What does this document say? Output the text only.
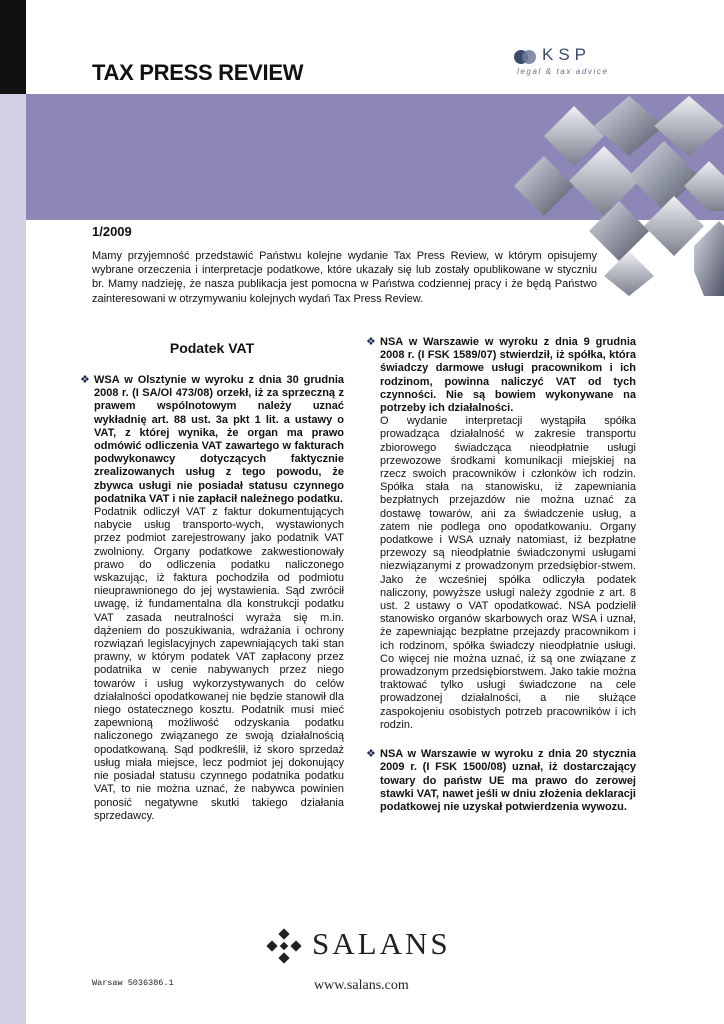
TAX PRESS REVIEW
KSP
legal & tax advice
1/2009
Mamy przyjemność przedstawić Państwu kolejne wydanie Tax Press Review, w którym opisujemy wybrane orzeczenia i interpretacje podatkowe, które ukazały się lub zostały opublikowane w styczniu br. Mamy nadzieję, że nasza publikacja jest pomocna w Państwa codziennej pracy i że będą Państwo zainteresowani w otrzymywaniu kolejnych wydań Tax Press Review.
Podatek VAT
❖ WSA w Olsztynie w wyroku z dnia 30 grudnia 2008 r. (I SA/Ol 473/08) orzekł, iż za sprzeczną z prawem wspólnotowym należy uznać wykładnię art. 88 ust. 3a pkt 1 lit. a ustawy o VAT, z której wynika, że organ ma prawo odmówić odliczenia VAT zawartego w fakturach podwykonawcy dotyczących faktycznie zrealizowanych usług z tego powodu, że zbywca usługi nie posiadał statusu czynnego podatnika VAT i nie zapłacił należnego podatku.
Podatnik odliczył VAT z faktur dokumentujących nabycie usług transporto-wych, wystawionych przez podmiot zarejestrowany jako podatnik VAT zwolniony. Organy podatkowe zakwestionowały prawo do odliczenia podatku naliczonego wskazując, iż faktura pochodziła od podmiotu nieuprawnionego do jej wystawienia. Sąd zwrócił uwagę, iż fundamentalna dla konstrukcji podatku VAT zasada neutralności wyraża się m.in. dążeniem do poszukiwania, wdrażania i ochrony rozwiązań legislacyjnych zapewniających taki stan prawny, w którym podatek VAT zapłacony przez podatnika w cenie nabywanych przez niego towarów i usług wykorzystywanych do celów działalności opodatkowanej nie będzie stanowił dla niego ostatecznego kosztu. Podatnik musi mieć zapewnioną możliwość odzyskania podatku naliczonego związanego ze swoją działalnością opodatkowaną. Sąd podkreślił, iż skoro sprzedaż usług miała miejsce, lecz podmiot jej dokonujący nie posiadał statusu czynnego podatnika podatku VAT, to nie można uznać, że nabywca powinien ponosić negatywne skutki takiego działania sprzedawcy.
❖ NSA w Warszawie w wyroku z dnia 9 grudnia 2008 r. (I FSK 1589/07) stwierdził, iż spółka, która świadczy darmowe usługi pracownikom i ich rodzinom, powinna naliczyć VAT od tych czynności. Nie są bowiem wykonywane na potrzeby ich działalności.
O wydanie interpretacji wystąpiła spółka prowadząca działalność w zakresie transportu zbiorowego świadcząca nieodpłatnie usługi przewozowe środkami komunikacji miejskiej na rzecz swoich pracowników i członków ich rodzin. Spółka stała na stanowisku, iż zapewniania bezpłatnych przejazdów nie można uznać za dostawę towarów, ani za świadczenie usług, a zatem nie podlega ono opodatkowaniu. Organy podatkowe i WSA uznały natomiast, iż bezpłatne przewozy są nieodpłatnie świadczonymi usługami niezwiązanymi z prowadzonym przedsiębior-stwem. Jako że wcześniej spółka odliczyła podatek naliczony, powyższe usługi należy zgodnie z art. 8 ust. 2 ustawy o VAT opodatkować. NSA podzielił stanowisko organów skarbowych oraz WSA i uznał, że zapewniając bezpłatne przejazdy pracownikom i ich rodzinom, spółka świadczy nieodpłatnie usługi. Co więcej nie można uznać, iż są one związane z prowadzonym przedsiębiorstwem. Jako takie można traktować tylko usługi świadczone na cele prowadzonej działalności, a nie służące zaspokojeniu osobistych potrzeb pracowników i ich rodzin.
❖ NSA w Warszawie w wyroku z dnia 20 stycznia 2009 r. (I FSK 1500/08) uznał, iż dostarczający towary do państw UE ma prawo do zerowej stawki VAT, nawet jeśli w dniu złożenia deklaracji podatkowej nie uzyskał potwierdzenia wywozu.
SALANS
www.salans.com
Warsaw 5036386.1
